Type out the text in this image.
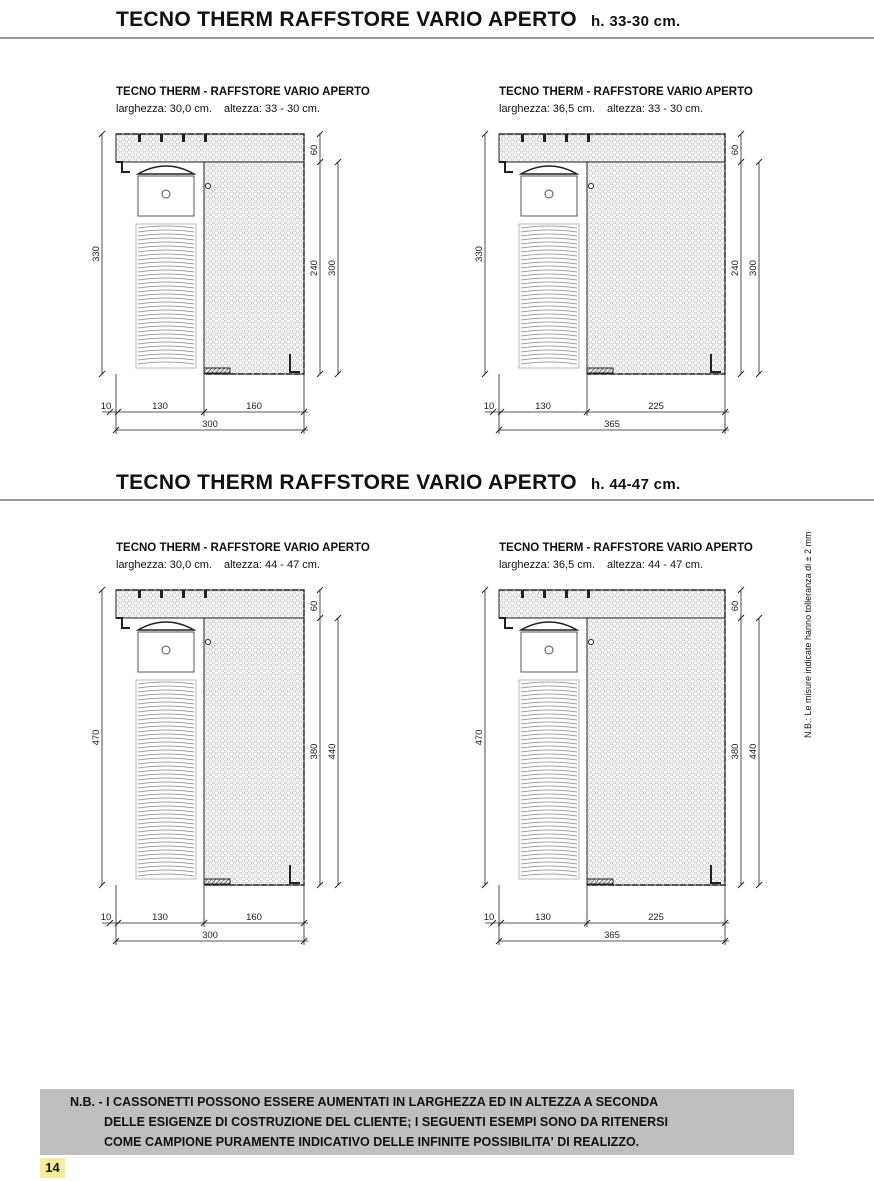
TECNO THERM RAFFSTORE VARIO APERTO h. 33-30 cm.
TECNO THERM - RAFFSTORE VARIO APERTO
larghezza: 30,0 cm. altezza: 33 - 30 cm.
330
60
240 300
10	130	160
300
TECNO THERM - RAFFSTORE VARIO APERTO
larghezza: 36,5 cm. altezza: 33 - 30 cm.
330
60
240 300
10	130	225
365
TECNO THERM RAFFSTORE VARIO APERTO h. 44-47 cm.
TECNO THERM - RAFFSTORE VARIO APERTO
larghezza: 30,0 cm. altezza: 44 - 47 cm.
470
60
380 440
10	130	160
300
TECNO THERM - RAFFSTORE VARIO APERTO
larghezza: 36,5 cm. altezza: 44 - 47 cm.
470
60
380 440
10	130	225
365
N.B.: Le misure indicate hanno tolleranza di ± 2 mm
N.B. - I CASSONETTI POSSONO ESSERE AUMENTATI IN LARGHEZZA ED IN ALTEZZA A SECONDA
DELLE ESIGENZE DI COSTRUZIONE DEL CLIENTE; I SEGUENTI ESEMPI SONO DA RITENERSI
COME CAMPIONE PURAMENTE INDICATIVO DELLE INFINITE POSSIBILITA' DI REALIZZO.
14
